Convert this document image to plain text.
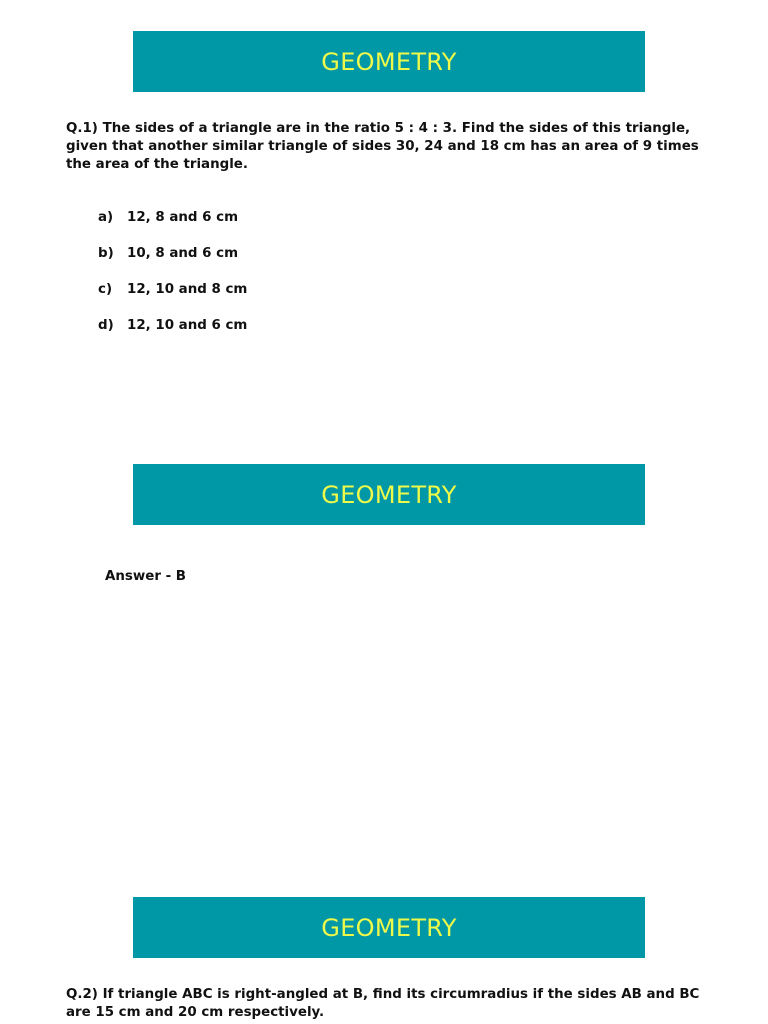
GEOMETRY
Q.1) The sides of a triangle are in the ratio 5 : 4 : 3. Find the sides of this triangle, given that another similar triangle of sides 30, 24 and 18 cm has an area of 9 times the area of the triangle.
a)	12, 8 and 6 cm
b) 10, 8 and 6 cm
c)	12, 10 and 8 cm
d) 12, 10 and 6 cm
GEOMETRY
Answer - B
GEOMETRY
Q.2) If triangle ABC is right-angled at B, find its circumradius if the sides AB and BC are 15 cm and 20 cm respectively.
